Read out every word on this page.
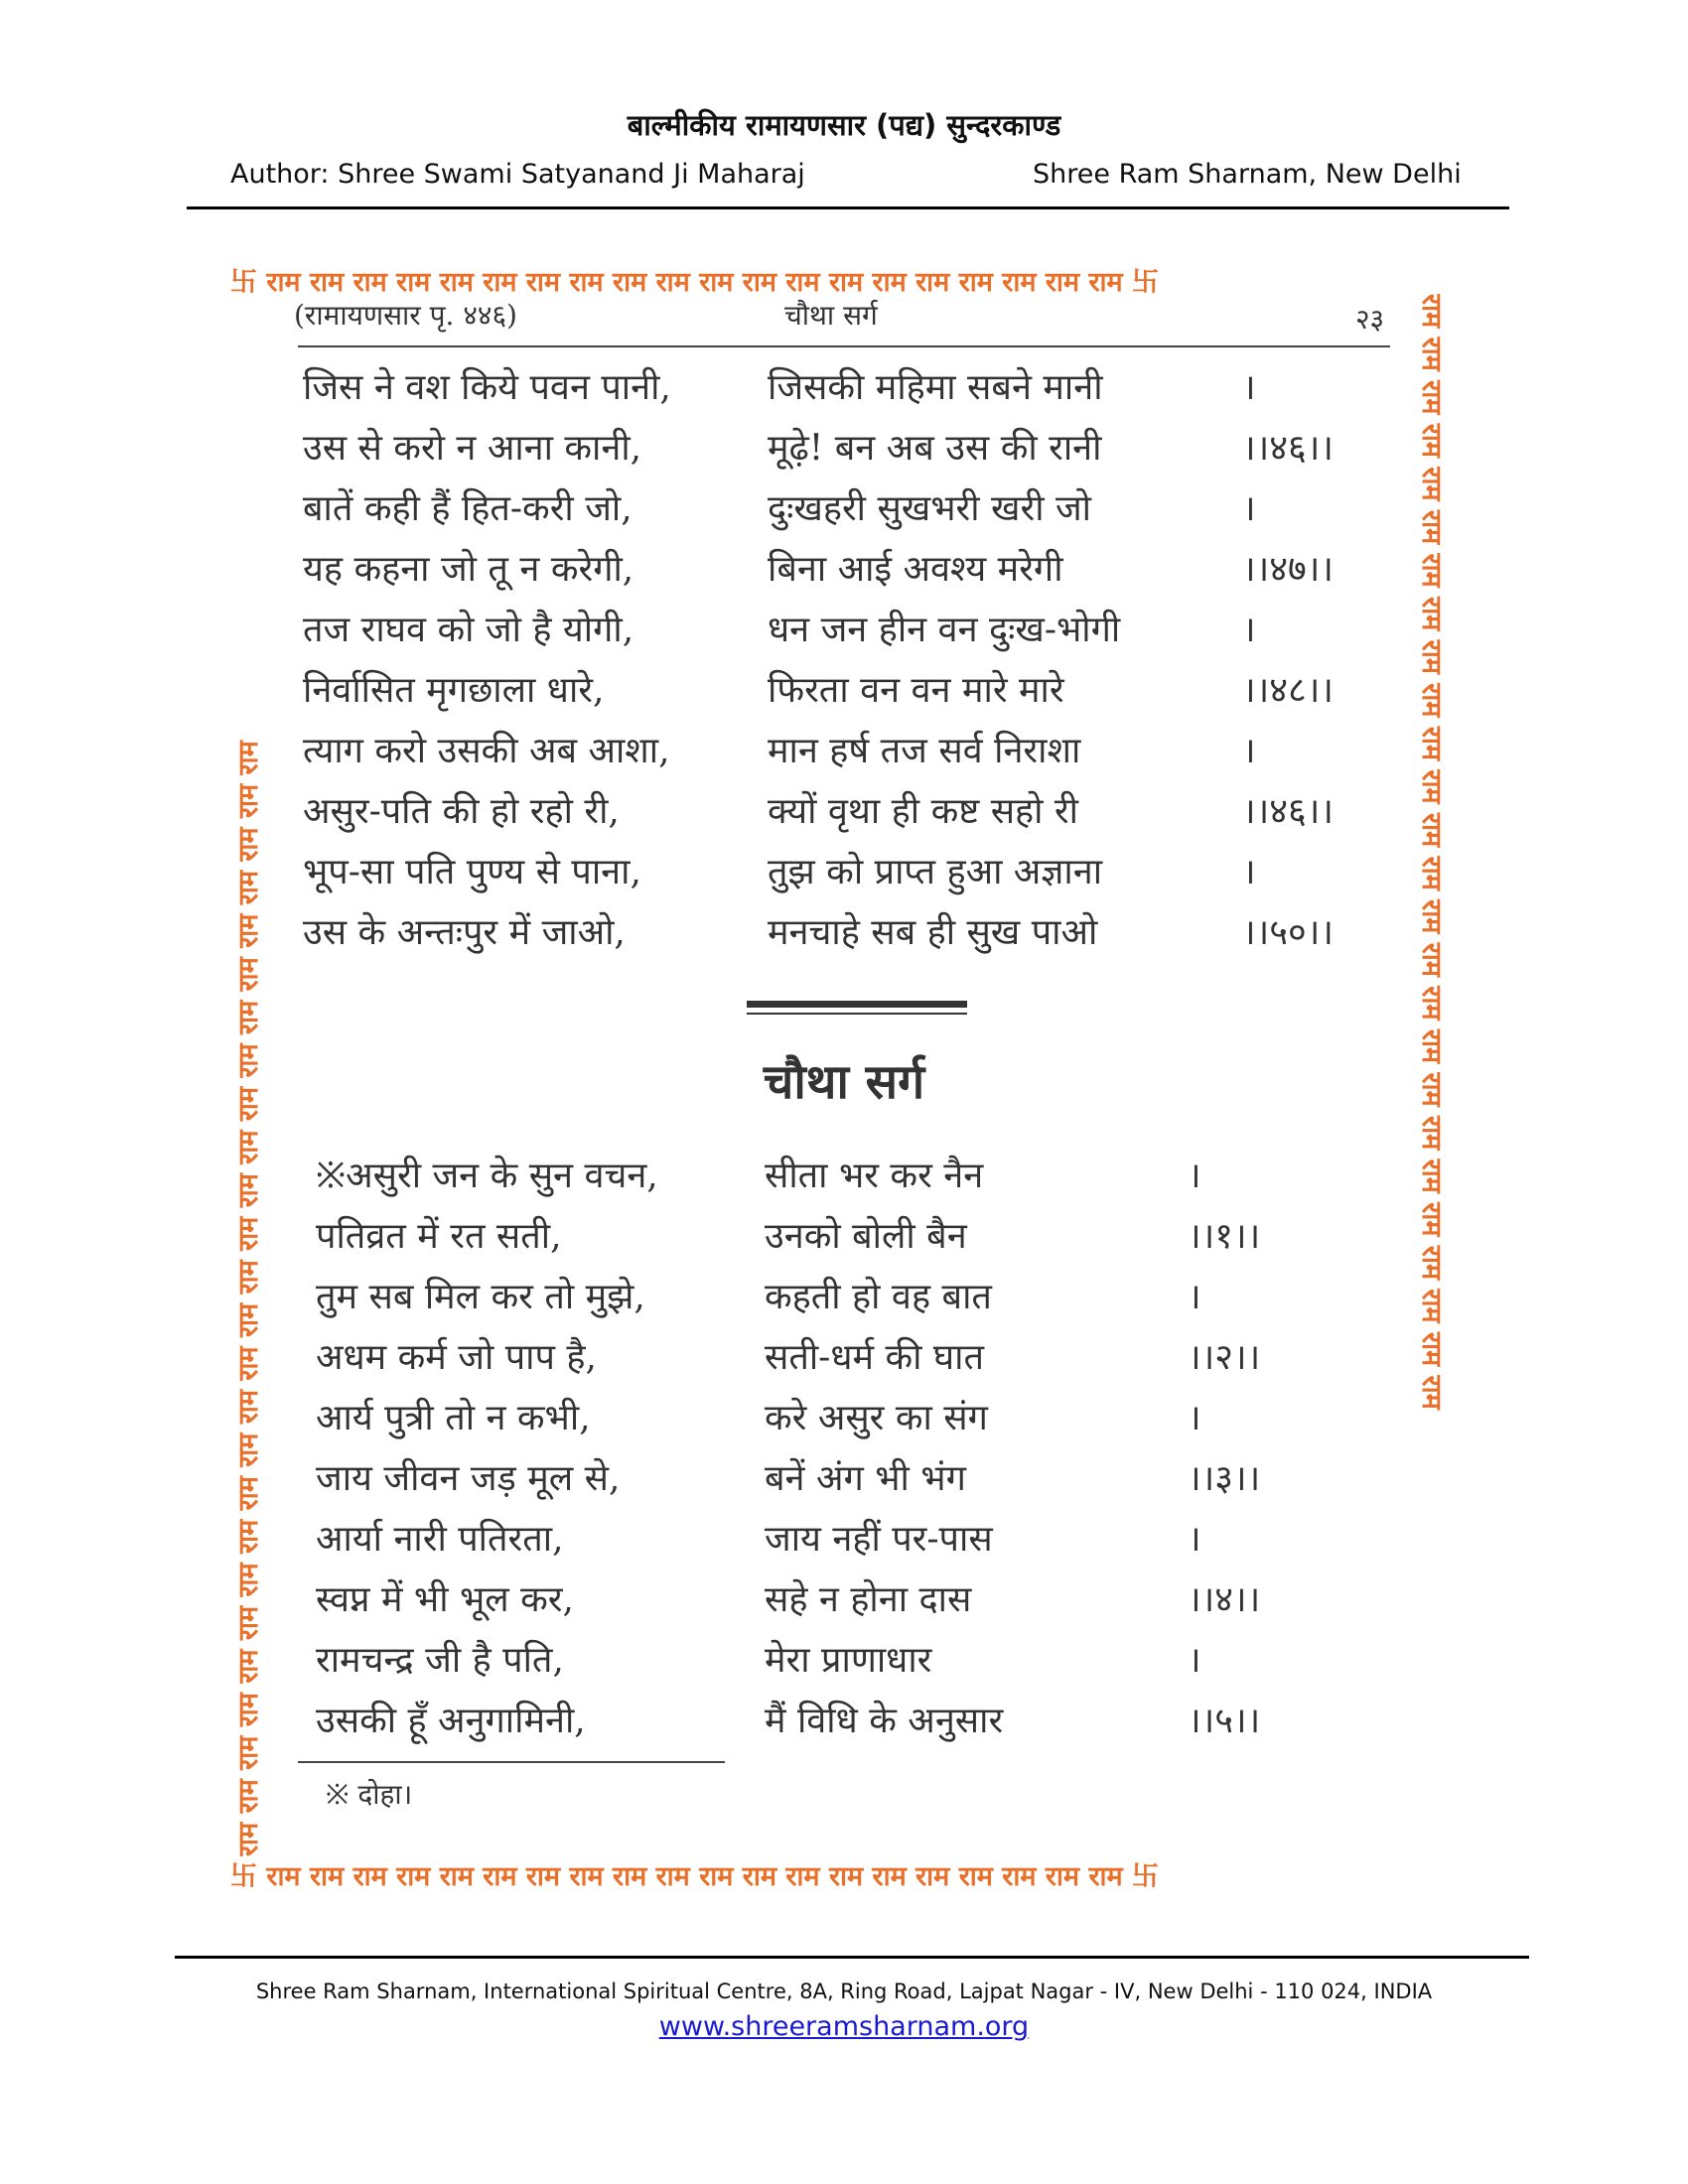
बाल्मीकीय रामायणसार (पद्य) सुन्दरकाण्ड
Author: Shree Swami Satyanand Ji Maharaj	Shree Ram Sharnam, New Delhi
卐 राम राम राम राम राम राम राम राम राम राम राम राम राम राम राम राम राम राम राम राम 卐
卐 राम राम राम राम राम राम राम राम राम राम राम राम राम राम राम राम राम राम राम राम 卐
राम राम राम राम राम राम राम राम राम राम राम राम राम राम राम राम राम राम राम राम राम राम राम राम राम राम	राम राम राम राम राम राम राम राम राम राम राम राम राम राम राम राम राम राम राम राम राम राम राम राम राम राम
(रामायणसार पृ. ४४६)	चौथा सर्ग	२३
जिस ने वश किये पवन पानी,	जिसकी महिमा सबने मानी	।
उस से करो न आना कानी,	मूढ़े! बन अब उस की रानी	।।४६।।
बातें कही हैं हित-करी जो,	दुःखहरी सुखभरी खरी जो	।
यह कहना जो तू न करेगी,	बिना आई अवश्य मरेगी	।।४७।।
तज राघव को जो है योगी,	धन जन हीन वन दुःख-भोगी	।
निर्वासित मृगछाला धारे,	फिरता वन वन मारे मारे	।।४८।।
त्याग करो उसकी अब आशा,	मान हर्ष तज सर्व निराशा	।
असुर-पति की हो रहो री,	क्यों वृथा ही कष्ट सहो री	।।४६।।
भूप-सा पति पुण्य से पाना,	तुझ को प्राप्त हुआ अज्ञाना	।
उस के अन्तःपुर में जाओ,	मनचाहे सब ही सुख पाओ	।।५०।।
चौथा सर्ग
※असुरी जन के सुन वचन,	सीता भर कर नैन	।
पतिव्रत में रत सती,	उनको बोली बैन	।।१।।
तुम सब मिल कर तो मुझे,	कहती हो वह बात	।
अधम कर्म जो पाप है,	सती-धर्म की घात	।।२।।
आर्य पुत्री तो न कभी,	करे असुर का संग	।
जाय जीवन जड़ मूल से,	बनें अंग भी भंग	।।३।।
आर्या नारी पतिरता,	जाय नहीं पर-पास	।
स्वप्न में भी भूल कर,	सहे न होना दास	।।४।।
रामचन्द्र जी है पति,	मेरा प्राणाधार	।
उसकी हूँ अनुगामिनी,	मैं विधि के अनुसार	।।५।।
※ दोहा।
Shree Ram Sharnam, International Spiritual Centre, 8A, Ring Road, Lajpat Nagar - IV, New Delhi - 110 024, INDIA
www.shreeramsharnam.org
